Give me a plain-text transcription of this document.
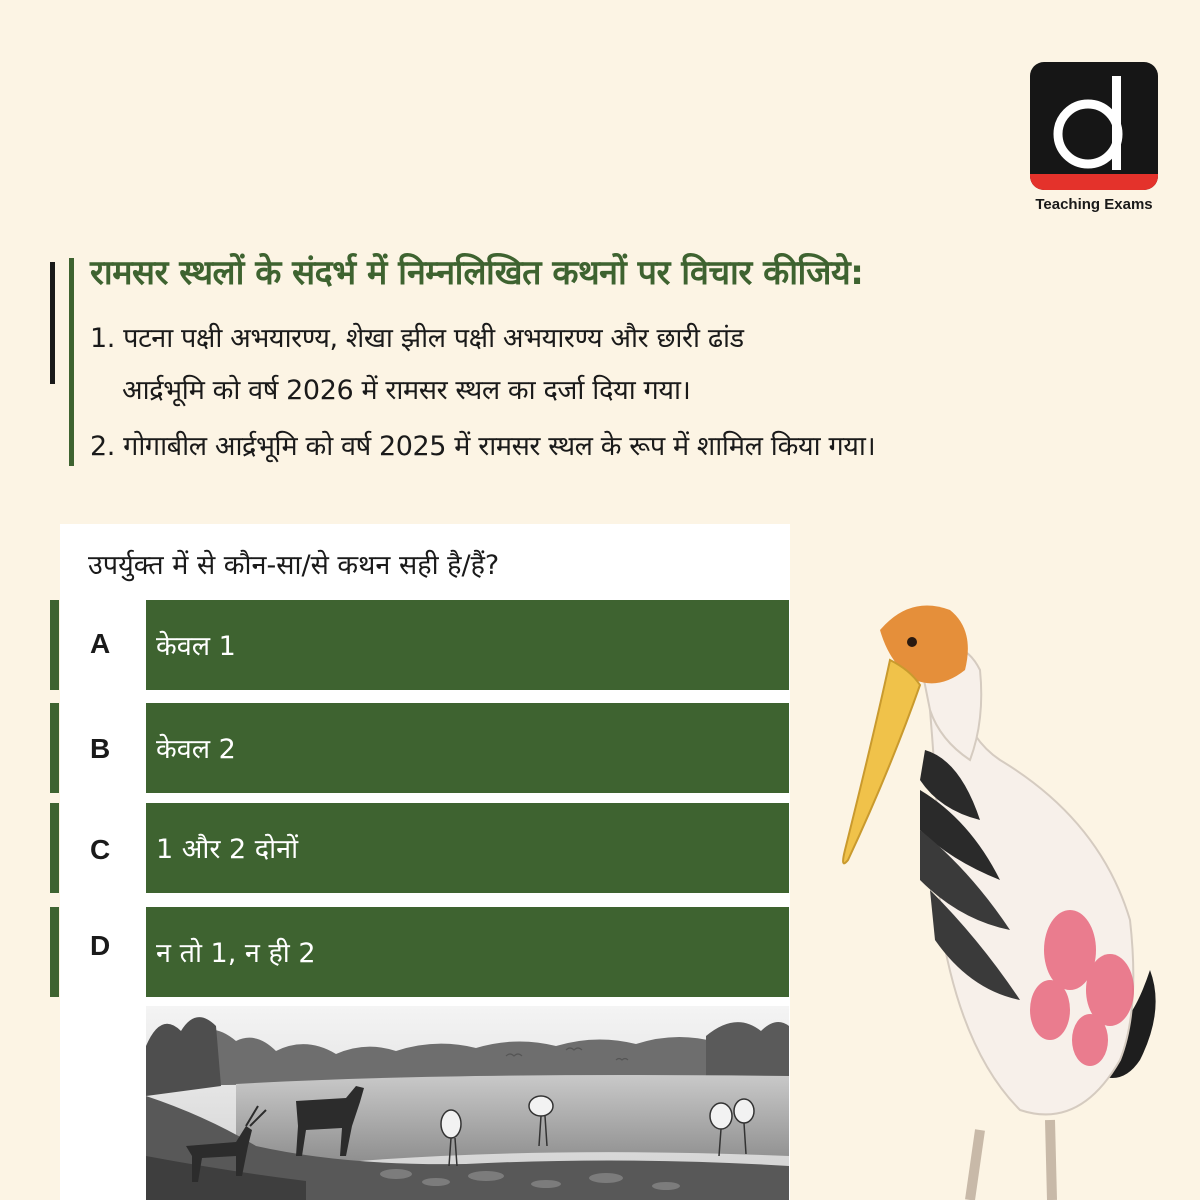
Teaching Exams
रामसर स्थलों के संदर्भ में निम्नलिखित कथनों पर विचार कीजिये:
1. पटना पक्षी अभयारण्य, शेखा झील पक्षी अभयारण्य और छारी ढांड
आर्द्रभूमि को वर्ष 2026 में रामसर स्थल का दर्जा दिया गया।
2. गोगाबील आर्द्रभूमि को वर्ष 2025 में रामसर स्थल के रूप में शामिल किया गया।
उपर्युक्त में से कौन-सा/से कथन सही है/हैं?
A	केवल 1
B	केवल 2
C	1 और 2 दोनों
D	न तो 1, न ही 2
